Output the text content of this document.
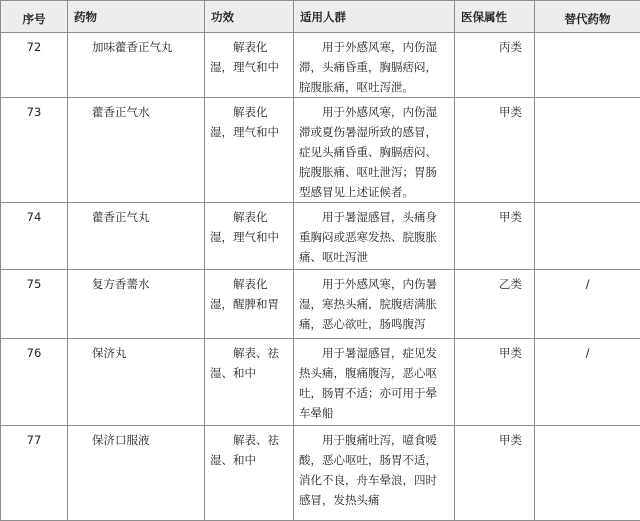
序号	药物	功效	适用人群	医保属性	替代药物
72	加味藿香正气丸	解表化湿，理气和中	用于外感风寒，内伤湿滞，头痛昏重，胸膈痞闷，脘腹胀痛，呕吐泻泄。	丙类	
73	藿香正气水	解表化湿，理气和中	用于外感风寒，内伤湿滞或夏伤暑湿所致的感冒，症见头痛昏重、胸膈痞闷、脘腹胀痛、呕吐泄泻；胃肠型感冒见上述证候者。	甲类	
74	藿香正气丸	解表化湿，理气和中	用于暑湿感冒，头痛身重胸闷或恶寒发热、脘腹胀痛、呕吐泻泄	甲类	
75	复方香薷水	解表化湿，醒脾和胃	用于外感风寒，内伤暑湿，寒热头痛，脘腹痞满胀痛，恶心欲吐，肠鸣腹泻	乙类	/
76	保济丸	解表、祛湿、和中	用于暑湿感冒，症见发热头痛，腹痛腹泻，恶心呕吐，肠胃不适；亦可用于晕车晕船	甲类	/
77	保济口服液	解表、祛湿、和中	用于腹痛吐泻，噫食嗳酸，恶心呕吐，肠胃不适，消化不良，舟车晕浪，四时感冒，发热头痛	甲类	
